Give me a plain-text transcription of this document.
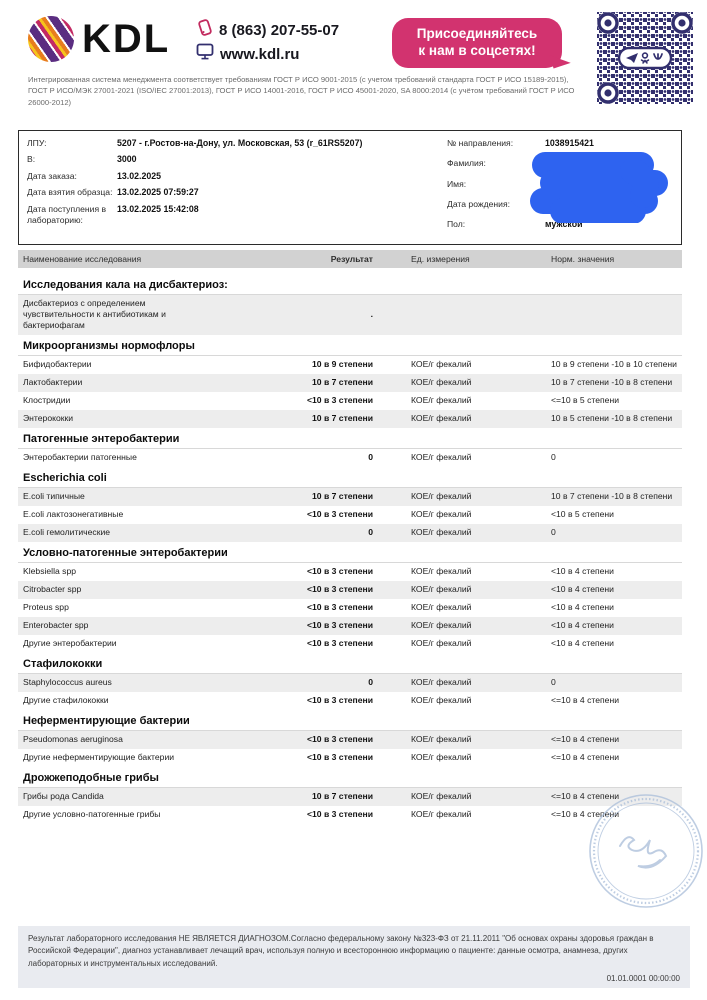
KDL	8 (863) 207-55-07
www.kdl.ru
Присоединяйтесь
к нам в соцсетях!

Интегрированная система менеджмента соответствует требованиям ГОСТ Р ИСО 9001-2015 (с учетом требований стандарта ГОСТ Р ИСО 15189-2015), ГОСТ Р ИСО/МЭК 27001-2021 (ISO/IEC 27001:2013), ГОСТ Р ИСО 14001-2016, ГОСТ Р ИСО 45001-2020, SA 8000:2014 (с учётом требований ГОСТ Р ИСО 26000-2012)

ЛПУ:	5207 - г.Ростов-на-Дону, ул. Московская, 53 (r_61RS5207)
В:	3000
Дата заказа:	13.02.2025
Дата взятия образца: 13.02.2025 07:59:27
Дата поступления в лабораторию:
13.02.2025 15:42:08
№ направления:	1038915421
Фамилия:
Имя:
Дата рождения:
Пол:	мужской
Наименование исследования	Результат	Ед. измерения	Норм. значения
Исследования кала на дисбактериоз:
Дисбактериоз с определением чувствительности к антибиотикам и бактериофагам
.
Микроорганизмы нормофлоры
Бифидобактерии	10 в 9 степени	КОЕ/г фекалий	10 в 9 степени -10 в 10 степени
Лактобактерии	10 в 7 степени	КОЕ/г фекалий	10 в 7 степени -10 в 8 степени
Клостридии	<10 в 3 степени	КОЕ/г фекалий	<=10 в 5 степени
Энтерококки	10 в 7 степени	КОЕ/г фекалий	10 в 5 степени -10 в 8 степени
Патогенные энтеробактерии
Энтеробактерии патогенные	0	КОЕ/г фекалий	0
Escherichia coli
E.coli типичные	10 в 7 степени	КОЕ/г фекалий	10 в 7 степени -10 в 8 степени
E.coli лактозонегативные	<10 в 3 степени	КОЕ/г фекалий	<10 в 5 степени
E.coli гемолитические	0	КОЕ/г фекалий	0
Условно-патогенные энтеробактерии
Klebsiella spp	<10 в 3 степени	КОЕ/г фекалий	<10 в 4 степени
Citrobacter spp	<10 в 3 степени	КОЕ/г фекалий	<10 в 4 степени
Proteus spp	<10 в 3 степени	КОЕ/г фекалий	<10 в 4 степени
Enterobacter spp	<10 в 3 степени	КОЕ/г фекалий	<10 в 4 степени
Другие энтеробактерии	<10 в 3 степени	КОЕ/г фекалий	<10 в 4 степени
Стафилококки
Staphylococcus aureus	0	КОЕ/г фекалий	0
Другие стафилококки	<10 в 3 степени	КОЕ/г фекалий	<=10 в 4 степени
Неферментирующие бактерии
Pseudomonas aeruginosa	<10 в 3 степени	КОЕ/г фекалий	<=10 в 4 степени
Другие неферментирующие бактерии	<10 в 3 степени	КОЕ/г фекалий	<=10 в 4 степени
Дрожжеподобные грибы
Грибы рода Candida	10 в 7 степени	КОЕ/г фекалий	<=10 в 4 степени
Другие условно-патогенные грибы	<10 в 3 степени	КОЕ/г фекалий	<=10 в 4 степени

Результат лабораторного исследования НЕ ЯВЛЯЕТСЯ ДИАГНОЗОМ.Согласно федеральному закону №323-ФЗ от 21.11.2011 "Об основах охраны здоровья граждан в Российской Федерации", диагноз устанавливает лечащий врач, используя полную и всестороннюю информацию о пациенте: данные осмотра, анамнеза, других лабораторных и инструментальных исследований.

01.01.0001 00:00:00
